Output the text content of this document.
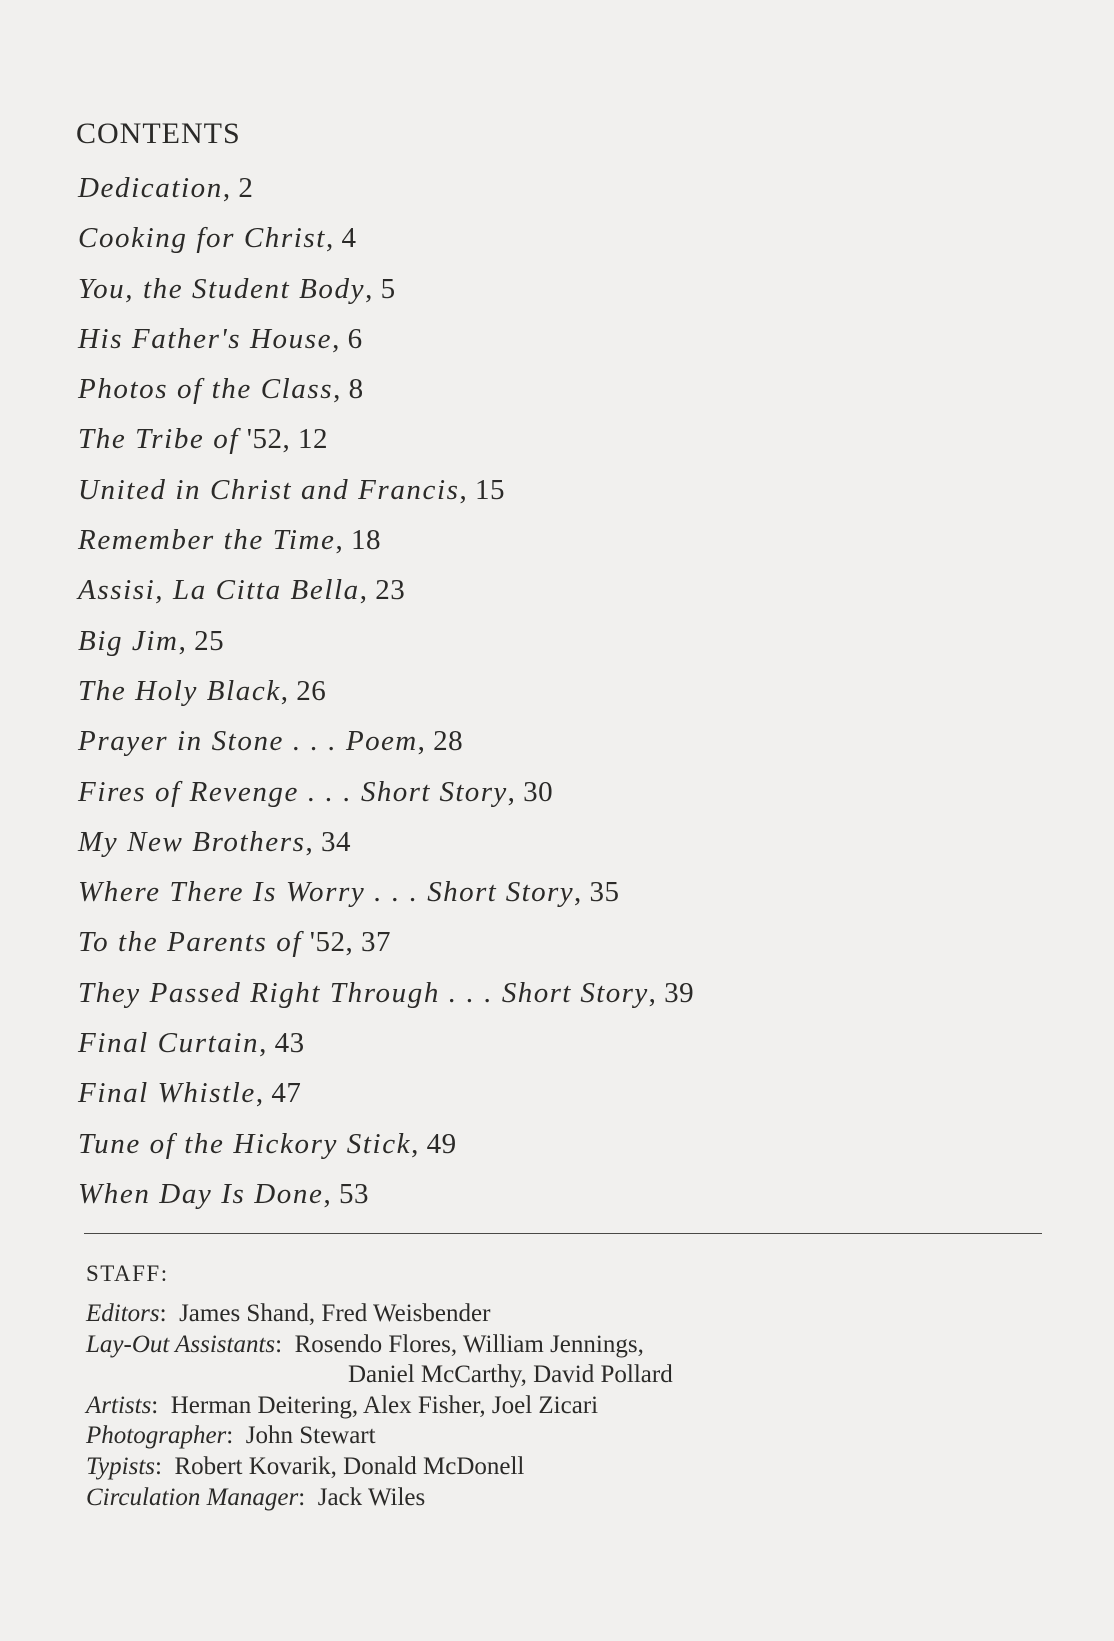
CONTENTS
Dedication, 2
Cooking for Christ, 4
You, the Student Body, 5
His Father's House, 6
Photos of the Class, 8
The Tribe of '52, 12
United in Christ and Francis, 15
Remember the Time, 18
Assisi, La Citta Bella, 23
Big Jim, 25
The Holy Black, 26
Prayer in Stone . . . Poem, 28
Fires of Revenge . . . Short Story, 30
My New Brothers, 34
Where There Is Worry . . . Short Story, 35
To the Parents of '52, 37
They Passed Right Through . . . Short Story, 39
Final Curtain, 43
Final Whistle, 47
Tune of the Hickory Stick, 49
When Day Is Done, 53
STAFF:
Editors : James Shand, Fred Weisbender
Lay-Out Assistants : Rosendo Flores, William Jennings,
Daniel McCarthy, David Pollard
Artists : Herman Deitering, Alex Fisher, Joel Zicari
Photographer : John Stewart
Typists : Robert Kovarik, Donald McDonell
Circulation Manager : Jack Wiles
